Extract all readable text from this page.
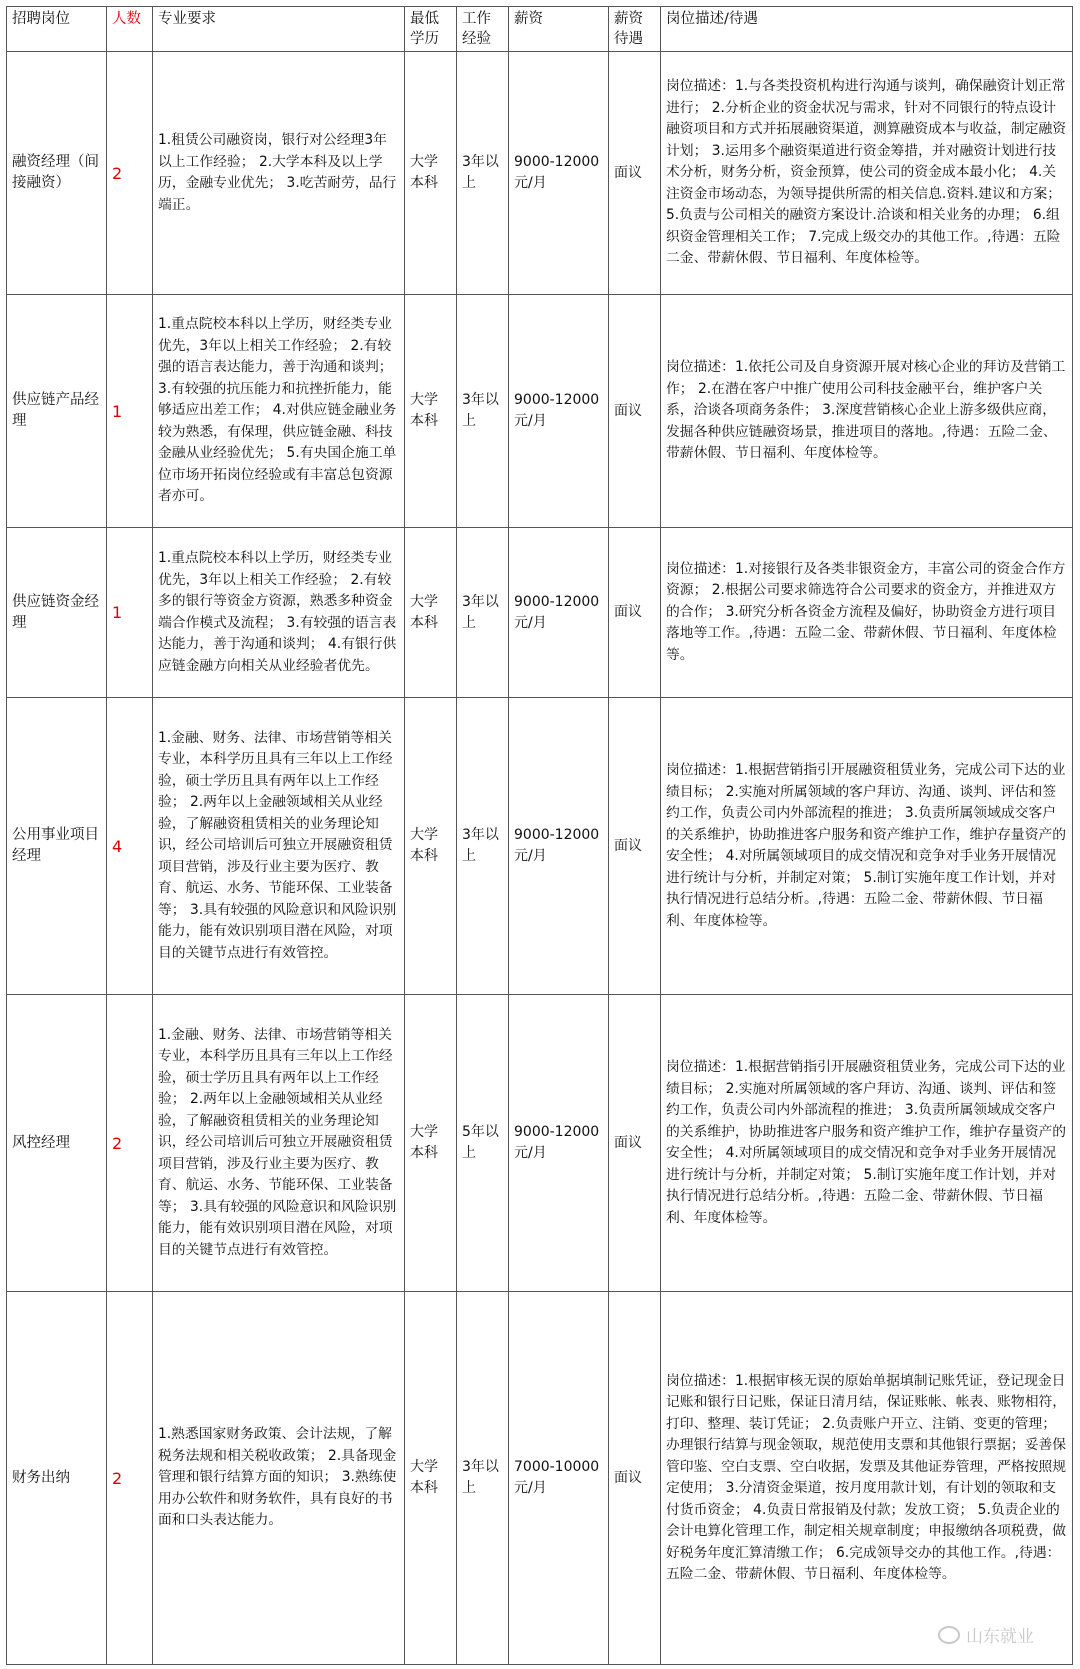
招聘岗位	人数	专业要求	最低学历	工作经验	薪资	薪资待遇	岗位描述/待遇
融资经理（间接融资）	2	1.租赁公司融资岗，银行对公经理3年以上工作经验； 2.大学本科及以上学历，金融专业优先； 3.吃苦耐劳，品行端正。	大学本科	3年以上	9000-12000元/月	面议	岗位描述：1.与各类投资机构进行沟通与谈判，确保融资计划正常进行； 2.分析企业的资金状况与需求，针对不同银行的特点设计融资项目和方式并拓展融资渠道，测算融资成本与收益，制定融资计划； 3.运用多个融资渠道进行资金筹措，并对融资计划进行技术分析，财务分析，资金预算，使公司的资金成本最小化； 4.关注资金市场动态，为领导提供所需的相关信息.资料.建议和方案； 5.负责与公司相关的融资方案设计.洽谈和相关业务的办理； 6.组织资金管理相关工作； 7.完成上级交办的其他工作。,待遇：五险二金、带薪休假、节日福利、年度体检等。
供应链产品经理	1	1.重点院校本科以上学历，财经类专业优先，3年以上相关工作经验； 2.有较强的语言表达能力，善于沟通和谈判； 3.有较强的抗压能力和抗挫折能力，能够适应出差工作； 4.对供应链金融业务较为熟悉，有保理，供应链金融、科技金融从业经验优先； 5.有央国企施工单位市场开拓岗位经验或有丰富总包资源者亦可。	大学本科	3年以上	9000-12000元/月	面议	岗位描述：1.依托公司及自身资源开展对核心企业的拜访及营销工作； 2.在潜在客户中推广使用公司科技金融平台，维护客户关系，洽谈各项商务条件； 3.深度营销核心企业上游多级供应商，发掘各种供应链融资场景，推进项目的落地。,待遇：五险二金、带薪休假、节日福利、年度体检等。
供应链资金经理	1	1.重点院校本科以上学历，财经类专业优先，3年以上相关工作经验； 2.有较多的银行等资金方资源，熟悉多种资金端合作模式及流程； 3.有较强的语言表达能力，善于沟通和谈判； 4.有银行供应链金融方向相关从业经验者优先。	大学本科	3年以上	9000-12000元/月	面议	岗位描述：1.对接银行及各类非银资金方，丰富公司的资金合作方资源； 2.根据公司要求筛选符合公司要求的资金方，并推进双方的合作； 3.研究分析各资金方流程及偏好，协助资金方进行项目落地等工作。,待遇：五险二金、带薪休假、节日福利、年度体检等。
公用事业项目经理	4	1.金融、财务、法律、市场营销等相关专业，本科学历且具有三年以上工作经验，硕士学历且具有两年以上工作经验； 2.两年以上金融领域相关从业经验，了解融资租赁相关的业务理论知识，经公司培训后可独立开展融资租赁项目营销，涉及行业主要为医疗、教育、航运、水务、节能环保、工业装备等； 3.具有较强的风险意识和风险识别能力，能有效识别项目潜在风险，对项目的关键节点进行有效管控。	大学本科	3年以上	9000-12000元/月	面议	岗位描述：1.根据营销指引开展融资租赁业务，完成公司下达的业绩目标； 2.实施对所属领域的客户拜访、沟通、谈判、评估和签约工作，负责公司内外部流程的推进； 3.负责所属领域成交客户的关系维护，协助推进客户服务和资产维护工作，维护存量资产的安全性； 4.对所属领域项目的成交情况和竞争对手业务开展情况进行统计与分析，并制定对策； 5.制订实施年度工作计划，并对执行情况进行总结分析。,待遇：五险二金、带薪休假、节日福利、年度体检等。
风控经理	2	1.金融、财务、法律、市场营销等相关专业，本科学历且具有三年以上工作经验，硕士学历且具有两年以上工作经验； 2.两年以上金融领域相关从业经验，了解融资租赁相关的业务理论知识，经公司培训后可独立开展融资租赁项目营销，涉及行业主要为医疗、教育、航运、水务、节能环保、工业装备等； 3.具有较强的风险意识和风险识别能力，能有效识别项目潜在风险，对项目的关键节点进行有效管控。	大学本科	5年以上	9000-12000元/月	面议	岗位描述：1.根据营销指引开展融资租赁业务，完成公司下达的业绩目标； 2.实施对所属领域的客户拜访、沟通、谈判、评估和签约工作，负责公司内外部流程的推进； 3.负责所属领域成交客户的关系维护，协助推进客户服务和资产维护工作，维护存量资产的安全性； 4.对所属领域项目的成交情况和竞争对手业务开展情况进行统计与分析，并制定对策； 5.制订实施年度工作计划，并对执行情况进行总结分析。,待遇：五险二金、带薪休假、节日福利、年度体检等。
财务出纳	2	1.熟悉国家财务政策、会计法规，了解税务法规和相关税收政策； 2.具备现金管理和银行结算方面的知识； 3.熟练使用办公软件和财务软件，具有良好的书面和口头表达能力。	大学本科	3年以上	7000-10000元/月	面议	岗位描述：1.根据审核无误的原始单据填制记账凭证，登记现金日记账和银行日记账，保证日清月结，保证账帐、帐表、账物相符，打印、整理、装订凭证； 2.负责账户开立、注销、变更的管理；办理银行结算与现金领取，规范使用支票和其他银行票据；妥善保管印鉴、空白支票、空白收据，发票及其他证券管理，严格按照规定使用； 3.分清资金渠道，按月度用款计划，有计划的领取和支付货币资金； 4.负责日常报销及付款；发放工资； 5.负责企业的会计电算化管理工作，制定相关规章制度；申报缴纳各项税费，做好税务年度汇算清缴工作； 6.完成领导交办的其他工作。,待遇：五险二金、带薪休假、节日福利、年度体检等。
山东就业
